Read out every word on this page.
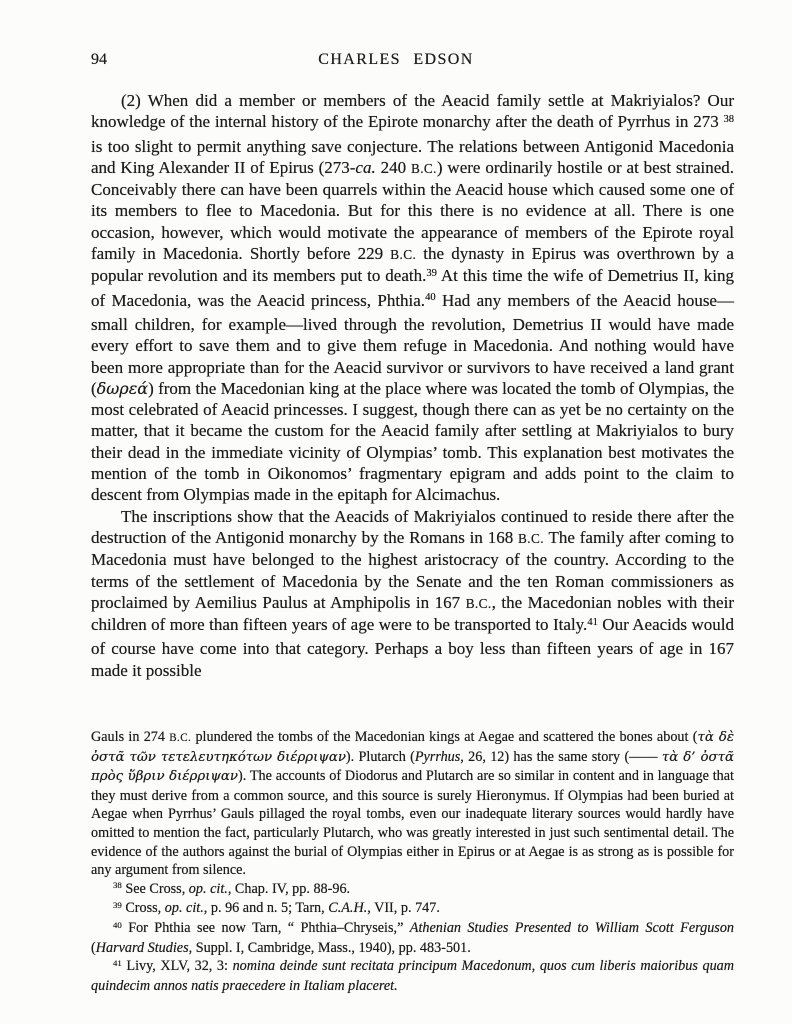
94	CHARLES EDSON

(2) When did a member or members of the Aeacid family settle at Makriyialos? Our knowledge of the internal history of the Epirote monarchy after the death of Pyrrhus in 273 $^{38}$ is too slight to permit anything save conjecture. The relations between Antigonid Macedonia and King Alexander II of Epirus (273-ca. 240 B.C.) were ordinarily hostile or at best strained. Conceivably there can have been quarrels within the Aeacid house which caused some one of its members to flee to Macedonia. But for this there is no evidence at all. There is one occasion, however, which would motivate the appearance of members of the Epirote royal family in Macedonia. Shortly before 229 B.C. the dynasty in Epirus was overthrown by a popular revolution and its members put to death.$^{39}$ At this time the wife of Demetrius II, king of Macedonia, was the Aeacid princess, Phthia.$^{40}$ Had any members of the Aeacid house—small children, for example—lived through the revolution, Demetrius II would have made every effort to save them and to give them refuge in Macedonia. And nothing would have been more appropriate than for the Aeacid survivor or survivors to have received a land grant (δωρεά) from the Macedonian king at the place where was located the tomb of Olympias, the most celebrated of Aeacid princesses. I suggest, though there can as yet be no certainty on the matter, that it became the custom for the Aeacid family after settling at Makriyialos to bury their dead in the immediate vicinity of Olympias’ tomb. This explanation best motivates the mention of the tomb in Oikonomos’ fragmentary epigram and adds point to the claim to descent from Olympias made in the epitaph for Alcimachus.

The inscriptions show that the Aeacids of Makriyialos continued to reside there after the destruction of the Antigonid monarchy by the Romans in 168 B.C. The family after coming to Macedonia must have belonged to the highest aristocracy of the country. According to the terms of the settlement of Macedonia by the Senate and the ten Roman commissioners as proclaimed by Aemilius Paulus at Amphipolis in 167 B.C., the Macedonian nobles with their children of more than fifteen years of age were to be transported to Italy.$^{41}$ Our Aeacids would of course have come into that category. Perhaps a boy less than fifteen years of age in 167 made it possible

Gauls in 274 B.C. plundered the tombs of the Macedonian kings at Aegae and scattered the bones about (τὰ δὲ ὀστᾶ τῶν τετελευτηκότων διέρριψαν). Plutarch (Pyrrhus, 26, 12) has the same story (—— τὰ δ’ ὀστᾶ πρὸς ὕβριν διέρριψαν). The accounts of Diodorus and Plutarch are so similar in content and in language that they must derive from a common source, and this source is surely Hieronymus. If Olympias had been buried at Aegae when Pyrrhus’ Gauls pillaged the royal tombs, even our inadequate literary sources would hardly have omitted to mention the fact, particularly Plutarch, who was greatly interested in just such sentimental detail. The evidence of the authors against the burial of Olympias either in Epirus or at Aegae is as strong as is possible for any argument from silence.

$^{38}$ See Cross, op. cit., Chap. IV, pp. 88-96.

$^{39}$ Cross, op. cit., p. 96 and n. 5; Tarn, C.A.H., VII, p. 747.

$^{40}$ For Phthia see now Tarn, “ Phthia–Chryseis,” Athenian Studies Presented to William Scott Ferguson (Harvard Studies, Suppl. I, Cambridge, Mass., 1940), pp. 483-501.

$^{41}$ Livy, XLV, 32, 3: nomina deinde sunt recitata principum Macedonum, quos cum liberis maioribus quam quindecim annos natis praecedere in Italiam placeret.
